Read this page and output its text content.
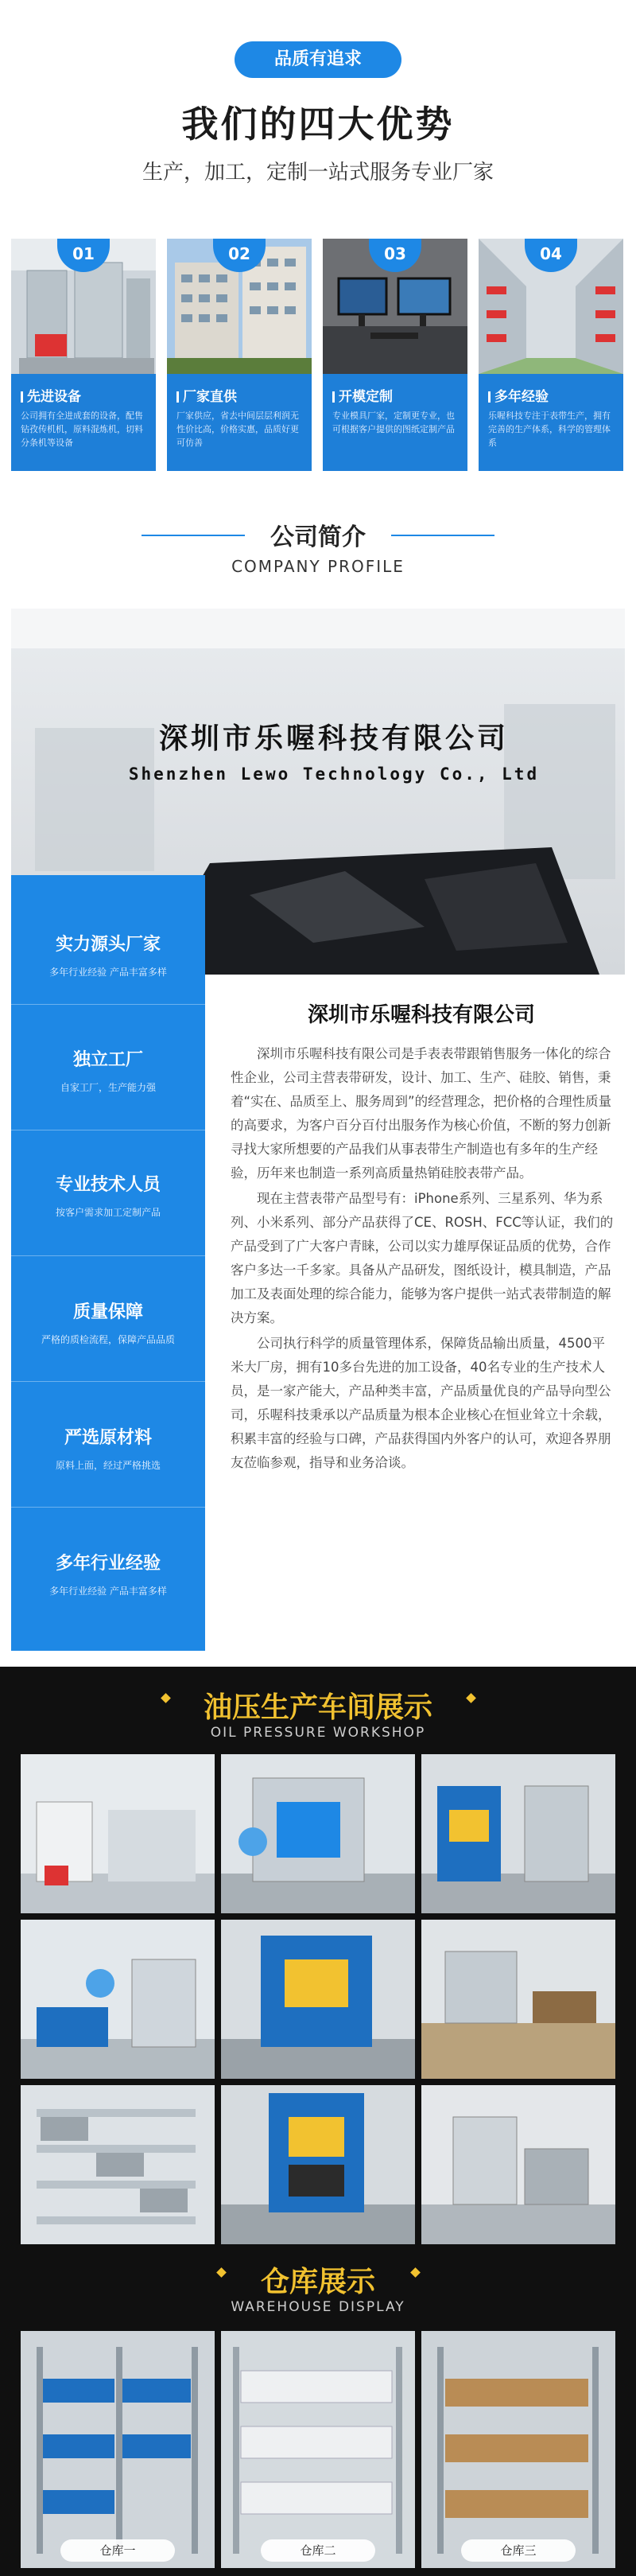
品质有追求
我们的四大优势
生产，加工，定制一站式服务专业厂家
01
先进设备
公司拥有全进成套的设备，配售钻孜传机机，原料混炼机，切料分条机等设备
02
厂家直供
厂家供应，省去中间层层利润无性价比高，价格实惠，品质好更可仿善
03
开模定制
专业模具厂家，定制更专业，也可根据客户提供的图纸定制产品
04
多年经验
乐喔科技专注于表带生产，拥有完善的生产体系，科学的管理体系
公司简介
COMPANY PROFILE
深圳市乐喔科技有限公司
Shenzhen Lewo Technology Co., Ltd
实力源头厂家
多年行业经验 产品丰富多样
独立工厂
自家工厂，生产能力强
专业技术人员
按客户需求加工定制产品
质量保障
严格的质检流程，保障产品品质
严选原材料
原料上面，经过严格挑选
多年行业经验
多年行业经验 产品丰富多样
深圳市乐喔科技有限公司

深圳市乐喔科技有限公司是手表表带跟销售服务一体化的综合性企业，公司主营表带研发，设计、加工、生产、硅胶、销售，秉着“实在、品质至上、服务周到”的经营理念，把价格的合理性质量的高要求，为客户百分百付出服务作为核心价值，不断的努力创新寻找大家所想要的产品我们从事表带生产制造也有多年的生产经验，历年来也制造一系列高质量热销硅胶表带产品。

现在主营表带产品型号有：iPhone系列、三星系列、华为系列、小米系列、部分产品获得了CE、ROSH、FCC等认证，我们的产品受到了广大客户青睐，公司以实力雄厚保证品质的优势，合作客户多达一千多家。具备从产品研发，图纸设计，模具制造，产品加工及表面处理的综合能力，能够为客户提供一站式表带制造的解决方案。

公司执行科学的质量管理体系，保障货品输出质量，4500平米大厂房，拥有10多台先进的加工设备，40名专业的生产技术人员，是一家产能大，产品种类丰富，产品质量优良的产品导向型公司，乐喔科技秉承以产品质量为根本企业核心在恒业耸立十余载，积累丰富的经验与口碑，产品获得国内外客户的认可，欢迎各界朋友莅临参观，指导和业务洽谈。

油压生产车间展示
OIL PRESSURE WORKSHOP
仓库展示
WAREHOUSE DISPLAY
仓库一	仓库二	仓库三
